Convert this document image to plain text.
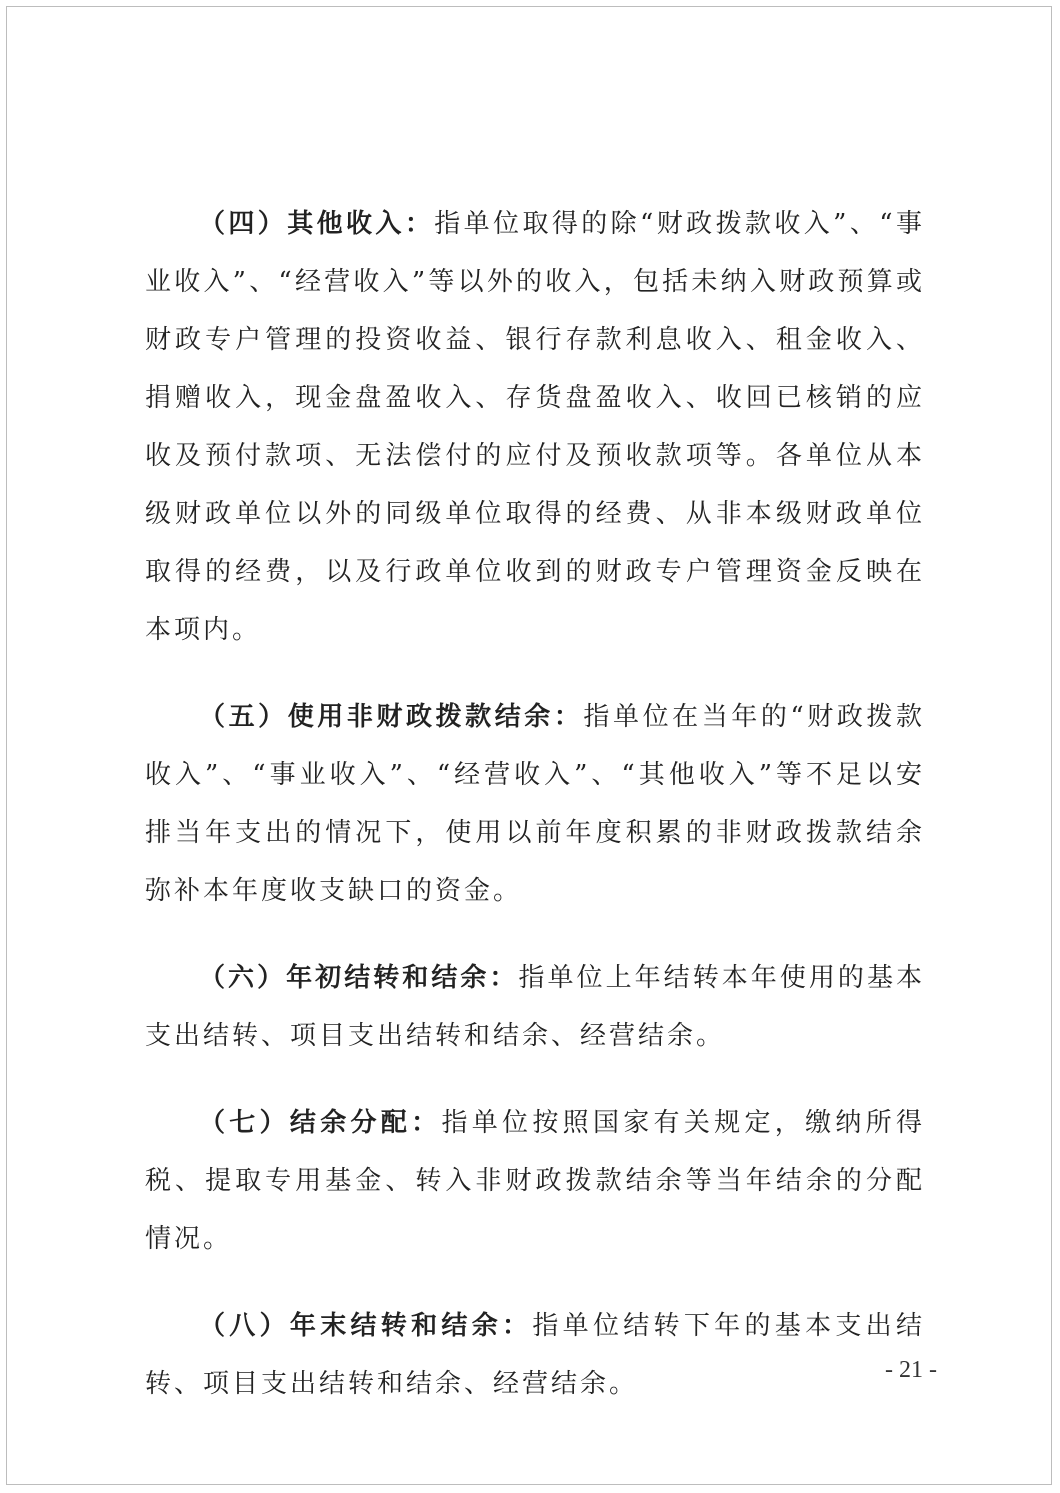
（四）其他收入：指单位取得的除“财政拨款收入”、“事业收入”、“经营收入”等以外的收入，包括未纳入财政预算或财政专户管理的投资收益、银行存款利息收入、租金收入、捐赠收入，现金盘盈收入、存货盘盈收入、收回已核销的应收及预付款项、无法偿付的应付及预收款项等。各单位从本级财政单位以外的同级单位取得的经费、从非本级财政单位取得的经费，以及行政单位收到的财政专户管理资金反映在本项内。

（五）使用非财政拨款结余：指单位在当年的“财政拨款收入”、“事业收入”、“经营收入”、“其他收入”等不足以安排当年支出的情况下，使用以前年度积累的非财政拨款结余弥补本年度收支缺口的资金。

（六）年初结转和结余：指单位上年结转本年使用的基本支出结转、项目支出结转和结余、经营结余。

（七）结余分配：指单位按照国家有关规定，缴纳所得税、提取专用基金、转入非财政拨款结余等当年结余的分配情况。

（八）年末结转和结余：指单位结转下年的基本支出结转、项目支出结转和结余、经营结余。	- 21 -
